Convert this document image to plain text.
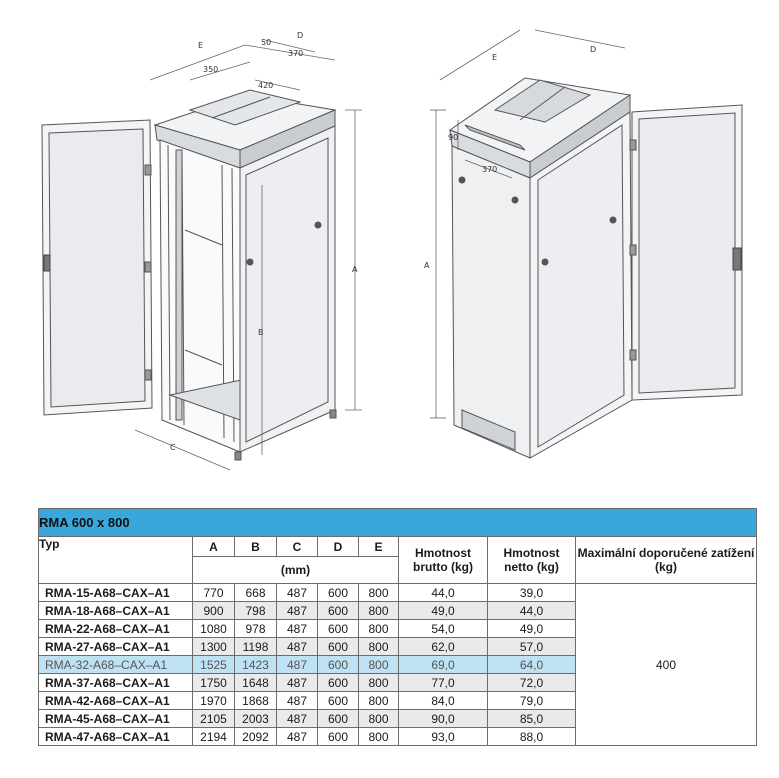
E
D
50
370
350
420
A
B
C
E
D
90
370
A
RMA 600 x 800								
Typ	A	B	C	D	E	Hmotnost brutto (kg)	Hmotnost netto (kg)	Maximální doporučené zatížení (kg)
	(mm)							
RMA-15-A68–CAX–A1	770	668	487	600	800	44,0	39,0	400
RMA-18-A68–CAX–A1	900	798	487	600	800	49,0	44,0	
RMA-22-A68–CAX–A1	1080	978	487	600	800	54,0	49,0	
RMA-27-A68–CAX–A1	1300	1198	487	600	800	62,0	57,0	
RMA-32-A68–CAX–A1	1525	1423	487	600	800	69,0	64,0	
RMA-37-A68–CAX–A1	1750	1648	487	600	800	77,0	72,0	
RMA-42-A68–CAX–A1	1970	1868	487	600	800	84,0	79,0	
RMA-45-A68–CAX–A1	2105	2003	487	600	800	90,0	85,0	
RMA-47-A68–CAX–A1	2194	2092	487	600	800	93,0	88,0	
